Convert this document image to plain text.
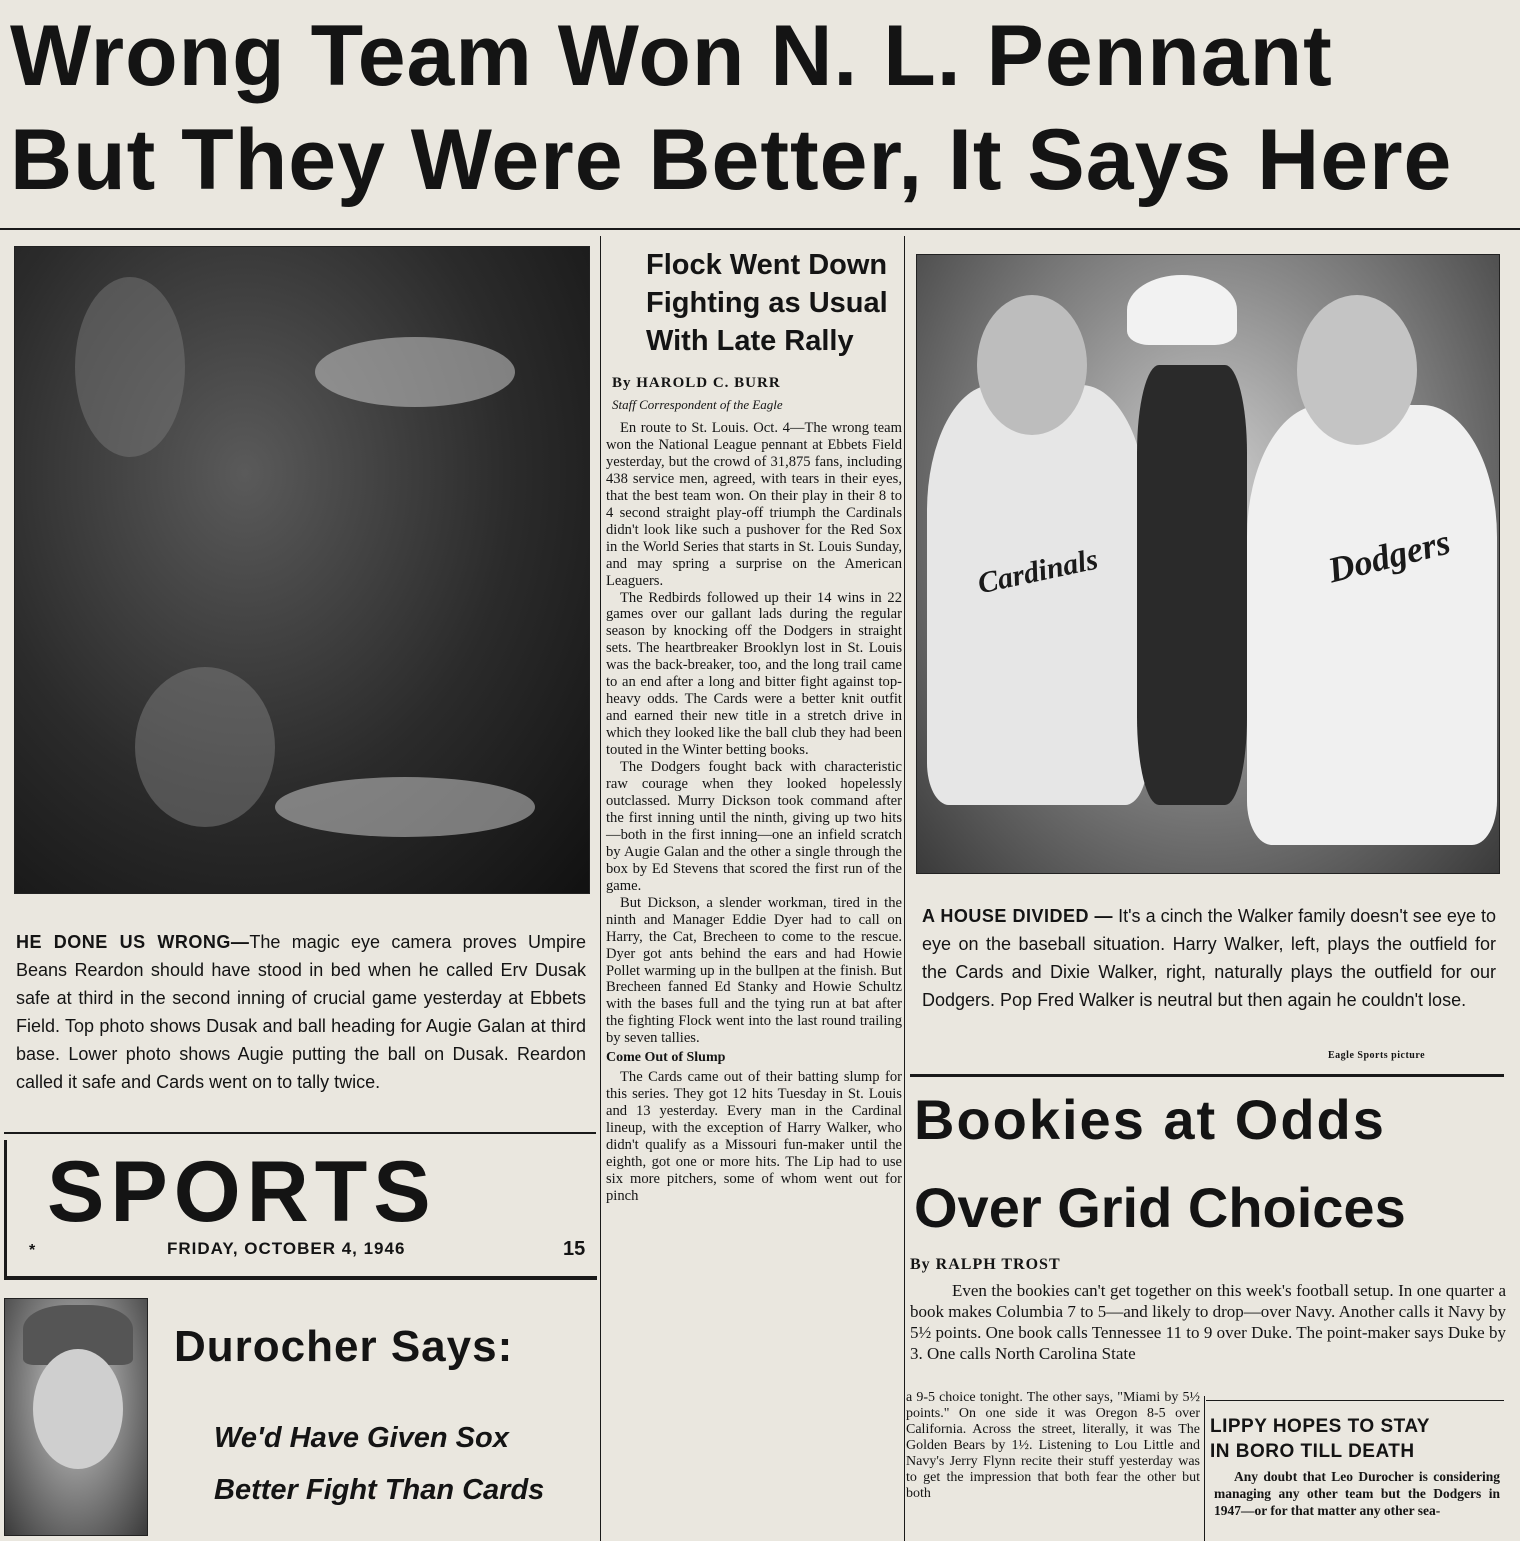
Wrong Team Won N. L. Pennant
But They Were Better, It Says Here
HE DONE US WRONG—The magic eye camera proves Umpire Beans Reardon should have stood in bed when he called Erv Dusak safe at third in the second inning of crucial game yesterday at Ebbets Field. Top photo shows Dusak and ball heading for Augie Galan at third base. Lower photo shows Augie putting the ball on Dusak. Reardon called it safe and Cards went on to tally twice.
SPORTS
*	FRIDAY, OCTOBER 4, 1946	15
Durocher Says:
We'd Have Given Sox
Better Fight Than Cards
Flock Went Down
Fighting as Usual
With Late Rally
By HAROLD C. BURR
Staff Correspondent of the Eagle

En route to St. Louis. Oct. 4—The wrong team won the National League pennant at Ebbets Field yesterday, but the crowd of 31,875 fans, including 438 service men, agreed, with tears in their eyes, that the best team won. On their play in their 8 to 4 second straight play-off triumph the Cardinals didn't look like such a pushover for the Red Sox in the World Series that starts in St. Louis Sunday, and may spring a surprise on the American Leaguers.

The Redbirds followed up their 14 wins in 22 games over our gallant lads during the regular season by knocking off the Dodgers in straight sets. The heartbreaker Brooklyn lost in St. Louis was the back-breaker, too, and the long trail came to an end after a long and bitter fight against top-heavy odds. The Cards were a better knit outfit and earned their new title in a stretch drive in which they looked like the ball club they had been touted in the Winter betting books.

The Dodgers fought back with characteristic raw courage when they looked hopelessly outclassed. Murry Dickson took command after the first inning until the ninth, giving up two hits—both in the first inning—one an infield scratch by Augie Galan and the other a single through the box by Ed Stevens that scored the first run of the game.

But Dickson, a slender workman, tired in the ninth and Manager Eddie Dyer had to call on Harry, the Cat, Brecheen to come to the rescue. Dyer got ants behind the ears and had Howie Pollet warming up in the bullpen at the finish. But Brecheen fanned Ed Stanky and Howie Schultz with the bases full and the tying run at bat after the fighting Flock went into the last round trailing by seven tallies.

Come Out of Slump

The Cards came out of their batting slump for this series. They got 12 hits Tuesday in St. Louis and 13 yesterday. Every man in the Cardinal lineup, with the exception of Harry Walker, who didn't qualify as a Missouri fun-maker until the eighth, got one or more hits. The Lip had to use six more pitchers, some of whom went out for pinch

Cardinals	Dodgers
A HOUSE DIVIDED — It's a cinch the Walker family doesn't see eye to eye on the baseball situation. Harry Walker, left, plays the outfield for the Cards and Dixie Walker, right, naturally plays the outfield for our Dodgers. Pop Fred Walker is neutral but then again he couldn't lose.
Eagle Sports picture
Bookies at Odds
Over Grid Choices
By RALPH TROST
Even the bookies can't get together on this week's football setup. In one quarter a book makes Columbia 7 to 5—and likely to drop—over Navy. Another calls it Navy by 5½ points. One book calls Tennessee 11 to 9 over Duke. The point-maker says Duke by 3. One calls North Carolina State
a 9-5 choice tonight. The other says, "Miami by 5½ points." On one side it was Oregon 8-5 over California. Across the street, literally, it was The Golden Bears by 1½. Listening to Lou Little and Navy's Jerry Flynn recite their stuff yesterday was to get the impression that both fear the other but both
LIPPY HOPES TO STAY
IN BORO TILL DEATH
Any doubt that Leo Durocher is considering managing any other team but the Dodgers in 1947—or for that matter any other sea-
